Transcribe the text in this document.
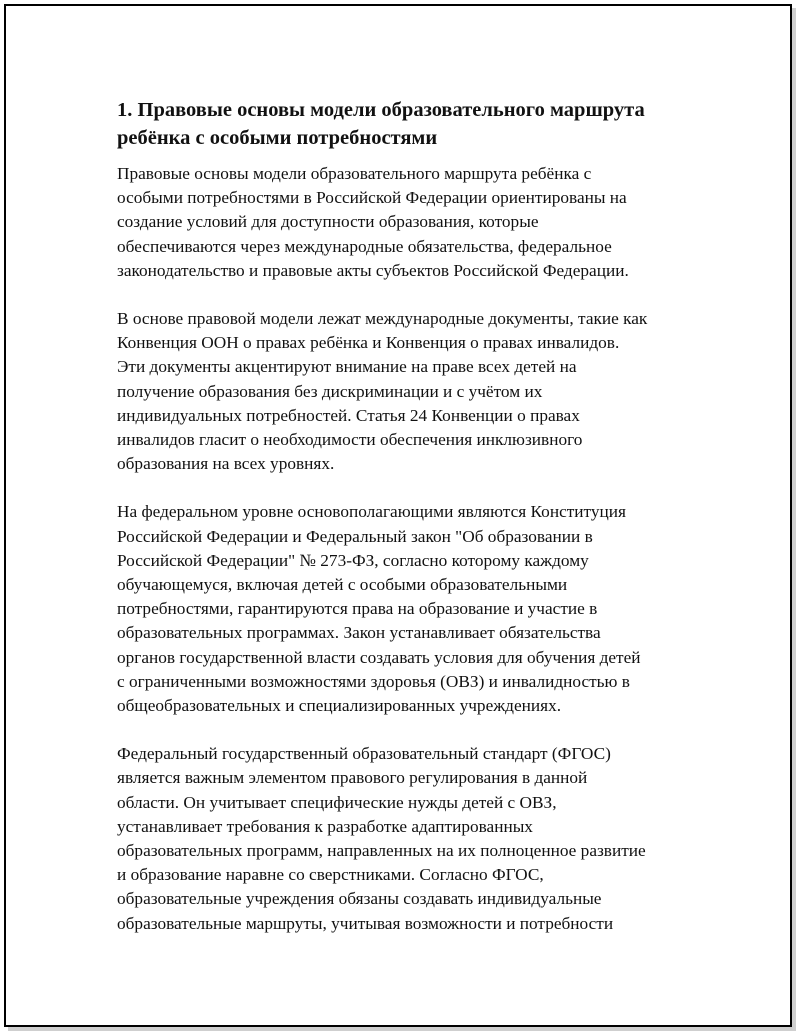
1. Правовые основы модели образовательного маршрута
ребёнка с особыми потребностями
Правовые основы модели образовательного маршрута ребёнка с
особыми потребностями в Российской Федерации ориентированы на
создание условий для доступности образования, которые
обеспечиваются через международные обязательства, федеральное
законодательство и правовые акты субъектов Российской Федерации.
В основе правовой модели лежат международные документы, такие как
Конвенция ООН о правах ребёнка и Конвенция о правах инвалидов.
Эти документы акцентируют внимание на праве всех детей на
получение образования без дискриминации и с учётом их
индивидуальных потребностей. Статья 24 Конвенции о правах
инвалидов гласит о необходимости обеспечения инклюзивного
образования на всех уровнях.
На федеральном уровне основополагающими являются Конституция
Российской Федерации и Федеральный закон "Об образовании в
Российской Федерации" № 273-ФЗ, согласно которому каждому
обучающемуся, включая детей с особыми образовательными
потребностями, гарантируются права на образование и участие в
образовательных программах. Закон устанавливает обязательства
органов государственной власти создавать условия для обучения детей
с ограниченными возможностями здоровья (ОВЗ) и инвалидностью в
общеобразовательных и специализированных учреждениях.
Федеральный государственный образовательный стандарт (ФГОС)
является важным элементом правового регулирования в данной
области. Он учитывает специфические нужды детей с ОВЗ,
устанавливает требования к разработке адаптированных
образовательных программ, направленных на их полноценное развитие
и образование наравне со сверстниками. Согласно ФГОС,
образовательные учреждения обязаны создавать индивидуальные
образовательные маршруты, учитывая возможности и потребности
